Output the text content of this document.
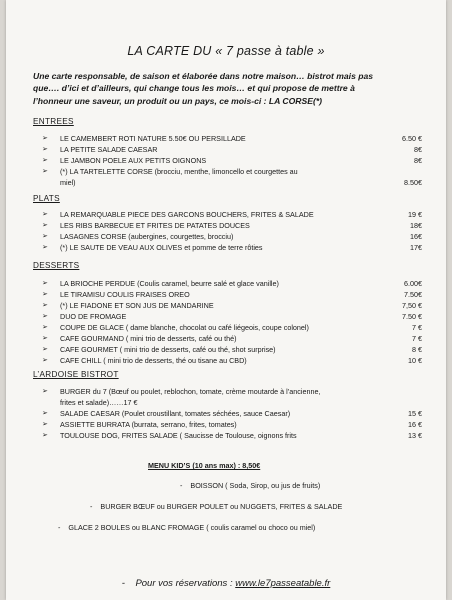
LA CARTE DU « 7 passe à table »
Une carte responsable, de saison et élaborée dans notre maison… bistrot mais pas
que…. d’ici et d’ailleurs, qui change tous les mois… et qui propose de mettre à
l’honneur une saveur, un produit ou un pays, ce mois-ci : LA CORSE(*)
ENTREES
➢ LE CAMEMBERT ROTI NATURE 5.50€ OU PERSILLADE	6.50 €
➢ LA PETITE SALADE CAESAR	8€
➢ LE JAMBON POELE AUX PETITS OIGNONS	8€
➢ (*) LA TARTELETTE CORSE (brocciu, menthe, limoncello et courgettes au
miel)	8.50€
PLATS
➢ LA REMARQUABLE PIECE DES GARCONS BOUCHERS, FRITES & SALADE	19 €
➢ LES RIBS BARBECUE ET FRITES DE PATATES DOUCES	18€
➢ LASAGNES CORSE (aubergines, courgettes, brocciu)	16€
➢ (*) LE SAUTE DE VEAU AUX OLIVES et pomme de terre rôties	17€
DESSERTS
➢ LA BRIOCHE PERDUE (Coulis caramel, beurre salé et glace vanille)	6.00€
➢ LE TIRAMISU COULIS FRAISES OREO	7.50€
➢ (*) LE FIADONE ET SON JUS DE MANDARINE	7,50 €
➢ DUO DE FROMAGE	7.50 €
➢ COUPE DE GLACE ( dame blanche, chocolat ou café liégeois, coupe colonel)	7 €
➢ CAFE GOURMAND ( mini trio de desserts, café ou thé)	7 €
➢ CAFE GOURMET ( mini trio de desserts, café ou thé, shot surprise)	8 €
➢ CAFE CHILL ( mini trio de desserts, thé ou tisane au CBD)	10 €
L’ARDOISE BISTROT
➢ BURGER du 7 (Bœuf ou poulet, reblochon, tomate, crème moutarde à l’ancienne,
frites et salade)……17 €
➢ SALADE CAESAR (Poulet croustillant, tomates séchées, sauce Caesar)	15 €
➢ ASSIETTE BURRATA (burrata, serrano, frites, tomates)	16 €
➢ TOULOUSE DOG, FRITES SALADE ( Saucisse de Toulouse, oignons frits	13 €
MENU KID’S (10 ans max) : 8,50€
- BOISSON ( Soda, Sirop, ou jus de fruits)
- BURGER BŒUF ou BURGER POULET ou NUGGETS, FRITES & SALADE
- GLACE 2 BOULES ou BLANC FROMAGE ( coulis caramel ou choco ou miel)
- Pour vos réservations : www.le7passeatable.fr
